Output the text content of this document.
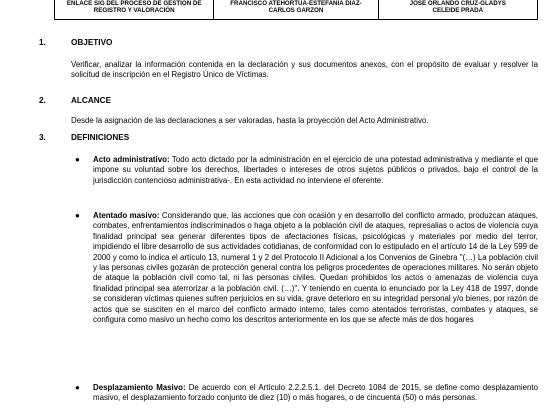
ENLACE SIG DEL PROCESO DE GESTIÓN DE
REGISTRO Y VALORACIÓN

FRANCISCO ATEHORTUA-ESTEFANIA DIAZ-
CARLOS GARZON

JOSE ORLANDO CRUZ-GLADYS
CELEIDE PRADA
1.	OBJETIVO
Verificar, analizar la información contenida en la declaración y sus documentos anexos, con el propósito de evaluar y resolver la solicitud de inscripción en el Registro Único de Víctimas.
2.	ALCANCE
Desde la asignación de las declaraciones a ser valoradas, hasta la proyección del Acto Administrativo.
3.	DEFINICIONES
● Acto administrativo: Todo acto dictado por la administración en el ejercicio de una potestad administrativa y mediante el que impone su voluntad sobre los derechos, libertades o intereses de otros sujetos públicos o privados, bajo el control de la jurisdicción contencioso administrativa-. En esta actividad no interviene el oferente.
● Atentado masivo: Considerando que, las acciones que con ocasión y en desarrollo del conflicto armado, produzcan ataques, combates, enfrentamientos indiscriminados o haga objeto a la población civil de ataques, represalias o actos de violencia cuya finalidad principal sea generar diferentes tipos de afectaciones físicas, psicológicas y materiales por medio del terror, impidiendo el libre desarrollo de sus actividades cotidianas, de conformidad con lo estipulado en el artículo 14 de la Ley 599 de 2000 y como lo indica el artículo 13, numeral 1 y 2 del Protocolo II Adicional a los Convenios de Ginebra "(…) La población civil y las personas civiles gozarán de protección general contra los peligros procedentes de operaciones militares. No serán objeto de ataque la población civil como tal, ni las personas civiles. Quedan prohibidos los actos o amenazas de violencia cuya finalidad principal sea aterrorizar a la población civil. (…)". Y teniendo en cuenta lo enunciado por la Ley 418 de 1997, donde se consideran víctimas quienes sufren perjuicios en su vida, grave deterioro en su integridad personal y/o bienes, por razón de actos que se susciten en el marco del conflicto armado interno, tales como atentados terroristas, combates y ataques, se configura como masivo un hecho como los descritos anteriormente en los que se afecte más de dos hogares
● Desplazamiento Masivo: De acuerdo con el Artículo 2.2.2.5.1. del Decreto 1084 de 2015, se define como desplazamiento masivo, el desplazamiento forzado conjunto de diez (10) o más hogares, o de cincuenta (50) o más personas.
